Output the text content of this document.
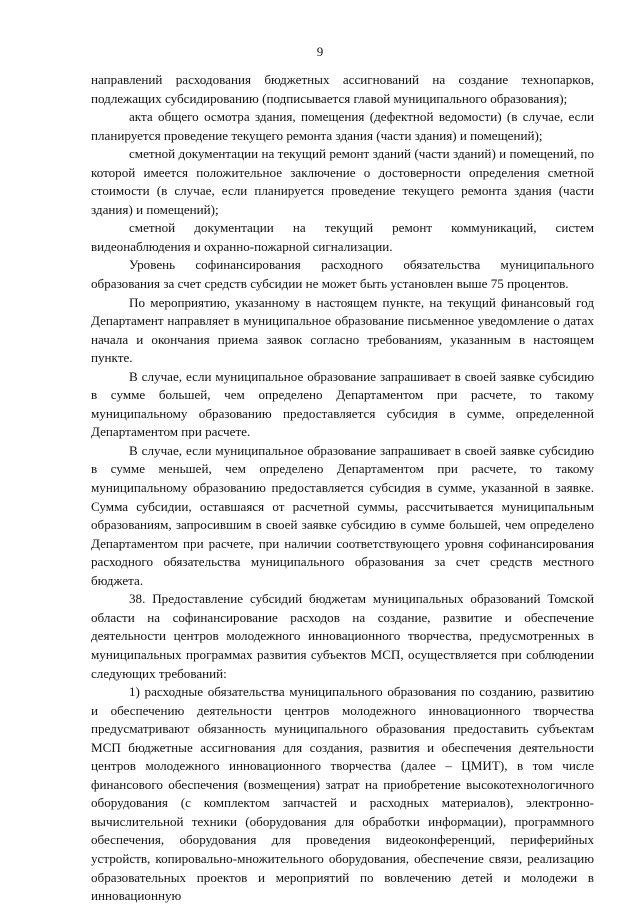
9

направлений расходования бюджетных ассигнований на создание технопарков, подлежащих субсидированию (подписывается главой муниципального образования);

акта общего осмотра здания, помещения (дефектной ведомости) (в случае, если планируется проведение текущего ремонта здания (части здания) и помещений);

сметной документации на текущий ремонт зданий (части зданий) и помещений, по которой имеется положительное заключение о достоверности определения сметной стоимости (в случае, если планируется проведение текущего ремонта здания (части здания) и помещений);

сметной документации на текущий ремонт коммуникаций, систем видеонаблюдения и охранно-пожарной сигнализации.

Уровень софинансирования расходного обязательства муниципального образования за счет средств субсидии не может быть установлен выше 75 процентов.

По мероприятию, указанному в настоящем пункте, на текущий финансовый год Департамент направляет в муниципальное образование письменное уведомление о датах начала и окончания приема заявок согласно требованиям, указанным в настоящем пункте.

В случае, если муниципальное образование запрашивает в своей заявке субсидию в сумме большей, чем определено Департаментом при расчете, то такому муниципальному образованию предоставляется субсидия в сумме, определенной Департаментом при расчете.

В случае, если муниципальное образование запрашивает в своей заявке субсидию в сумме меньшей, чем определено Департаментом при расчете, то такому муниципальному образованию предоставляется субсидия в сумме, указанной в заявке. Сумма субсидии, оставшаяся от расчетной суммы, рассчитывается муниципальным образованиям, запросившим в своей заявке субсидию в сумме большей, чем определено Департаментом при расчете, при наличии соответствующего уровня софинансирования расходного обязательства муниципального образования за счет средств местного бюджета.

38. Предоставление субсидий бюджетам муниципальных образований Томской области на софинансирование расходов на создание, развитие и обеспечение деятельности центров молодежного инновационного творчества, предусмотренных в муниципальных программах развития субъектов МСП, осуществляется при соблюдении следующих требований:

1) расходные обязательства муниципального образования по созданию, развитию и обеспечению деятельности центров молодежного инновационного творчества предусматривают обязанность муниципального образования предоставить субъектам МСП бюджетные ассигнования для создания, развития и обеспечения деятельности центров молодежного инновационного творчества (далее – ЦМИТ), в том числе финансового обеспечения (возмещения) затрат на приобретение высокотехнологичного оборудования (с комплектом запчастей и расходных материалов), электронно-вычислительной техники (оборудования для обработки информации), программного обеспечения, оборудования для проведения видеоконференций, периферийных устройств, копировально-множительного оборудования, обеспечение связи, реализацию образовательных проектов и мероприятий по вовлечению детей и молодежи в инновационную
